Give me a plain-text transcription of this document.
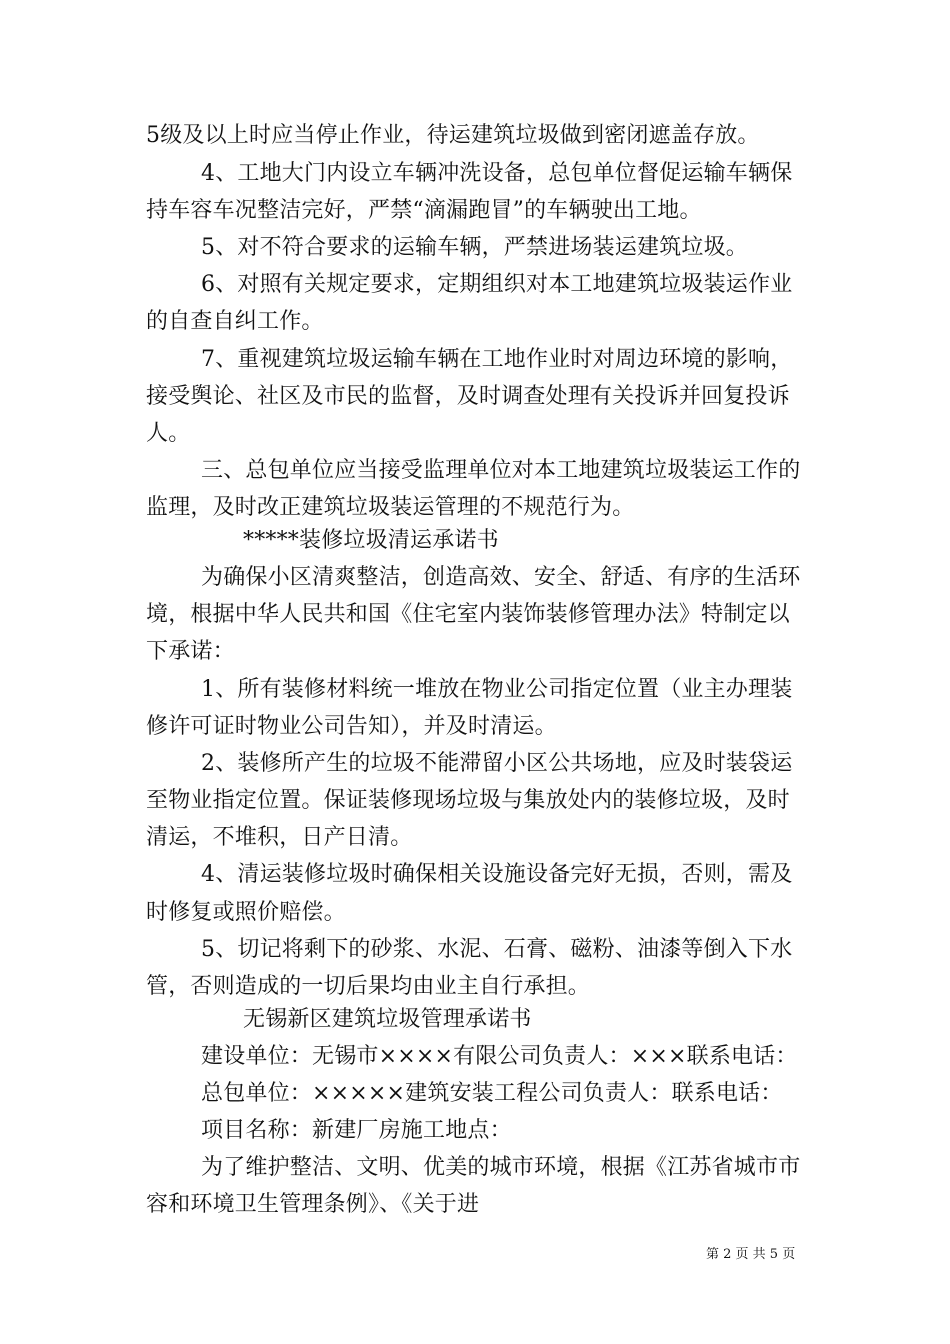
5级及以上时应当停止作业，待运建筑垃圾做到密闭遮盖存放。
4、工地大门内设立车辆冲洗设备，总包单位督促运输车辆保
持车容车况整洁完好，严禁“滴漏跑冒”的车辆驶出工地。
5、对不符合要求的运输车辆，严禁进场装运建筑垃圾。
6、对照有关规定要求，定期组织对本工地建筑垃圾装运作业
的自查自纠工作。
7、重视建筑垃圾运输车辆在工地作业时对周边环境的影响，
接受舆论、社区及市民的监督，及时调查处理有关投诉并回复投诉
人。
三、总包单位应当接受监理单位对本工地建筑垃圾装运工作的
监理，及时改正建筑垃圾装运管理的不规范行为。
*****装修垃圾清运承诺书
为确保小区清爽整洁，创造高效、安全、舒适、有序的生活环
境，根据中华人民共和国《住宅室内装饰装修管理办法》特制定以
下承诺：
1、所有装修材料统一堆放在物业公司指定位置（业主办理装
修许可证时物业公司告知），并及时清运。
2、装修所产生的垃圾不能滞留小区公共场地，应及时装袋运
至物业指定位置。保证装修现场垃圾与集放处内的装修垃圾，及时
清运，不堆积，日产日清。
4、清运装修垃圾时确保相关设施设备完好无损，否则，需及
时修复或照价赔偿。
5、切记将剩下的砂浆、水泥、石膏、磁粉、油漆等倒入下水
管，否则造成的一切后果均由业主自行承担。
无锡新区建筑垃圾管理承诺书
建设单位：无锡市××××有限公司负责人：×××联系电话：
总包单位：×××××建筑安装工程公司负责人：联系电话：
项目名称：新建厂房施工地点：
为了维护整洁、文明、优美的城市环境，根据《江苏省城市市
容和环境卫生管理条例》、《关于进
第 2 页 共 5 页
